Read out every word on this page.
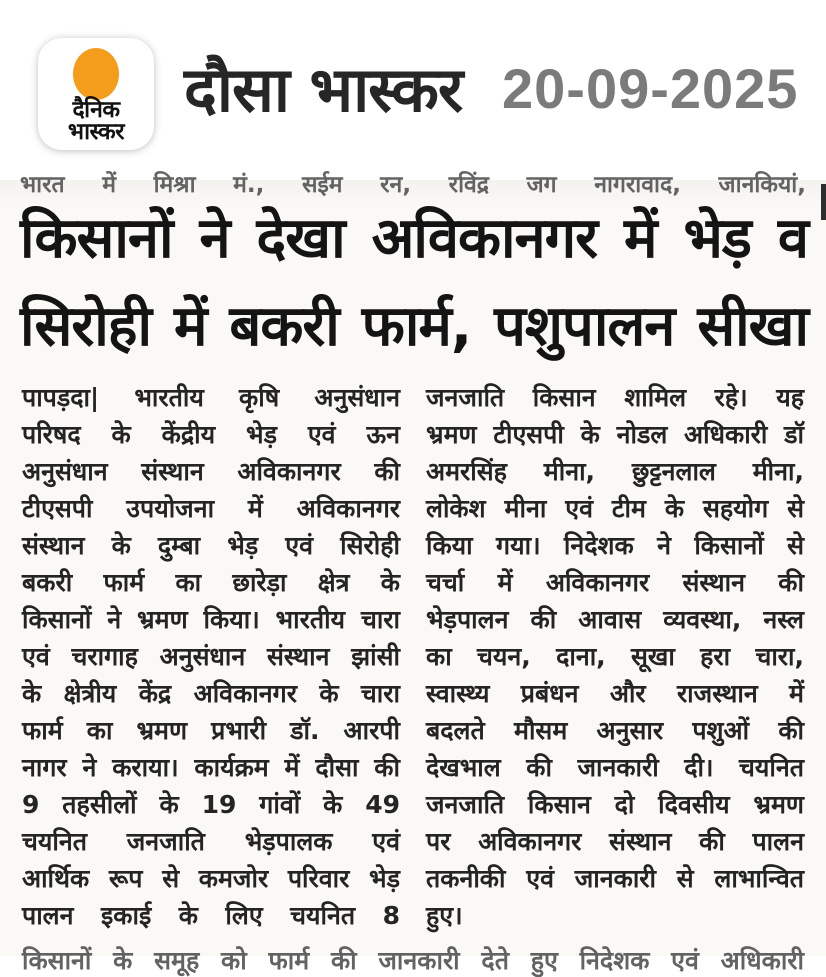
दैनिक
भास्कर
दौसा भास्कर 20-09-2025
भारत में मिश्रा मं., सईम रन, रविंद्र जग नागरावाद, जानकियां,
किसानों ने देखा अविकानगर में भेड़ व
सिरोही में बकरी फार्म, पशुपालन सीखा
पापड़दा| भारतीय कृषि अनुसंधान
परिषद के केंद्रीय भेड़ एवं ऊन
अनुसंधान संस्थान अविकानगर की
टीएसपी उपयोजना में अविकानगर
संस्थान के दुम्बा भेड़ एवं सिरोही
बकरी फार्म का छारेड़ा क्षेत्र के
किसानों ने भ्रमण किया। भारतीय चारा
एवं चरागाह अनुसंधान संस्थान झांसी
के क्षेत्रीय केंद्र अविकानगर के चारा
फार्म का भ्रमण प्रभारी डॉ. आरपी
नागर ने कराया। कार्यक्रम में दौसा की
9 तहसीलों के 19 गांवों के 49
चयनित जनजाति भेड़पालक एवं
आर्थिक रूप से कमजोर परिवार भेड़
पालन इकाई के लिए चयनित 8
जनजाति किसान शामिल रहे। यह
भ्रमण टीएसपी के नोडल अधिकारी डॉ
अमरसिंह मीना, छुट्टनलाल मीना,
लोकेश मीना एवं टीम के सहयोग से
किया गया। निदेशक ने किसानों से
चर्चा में अविकानगर संस्थान की
भेड़पालन की आवास व्यवस्था, नस्ल
का चयन, दाना, सूखा हरा चारा,
स्वास्थ्य प्रबंधन और राजस्थान में
बदलते मौसम अनुसार पशुओं की
देखभाल की जानकारी दी। चयनित
जनजाति किसान दो दिवसीय भ्रमण
पर अविकानगर संस्थान की पालन
तकनीकी एवं जानकारी से लाभान्वित
हुए।
किसानों के समूह को फार्म की जानकारी देते हुए निदेशक एवं अधिकारी
